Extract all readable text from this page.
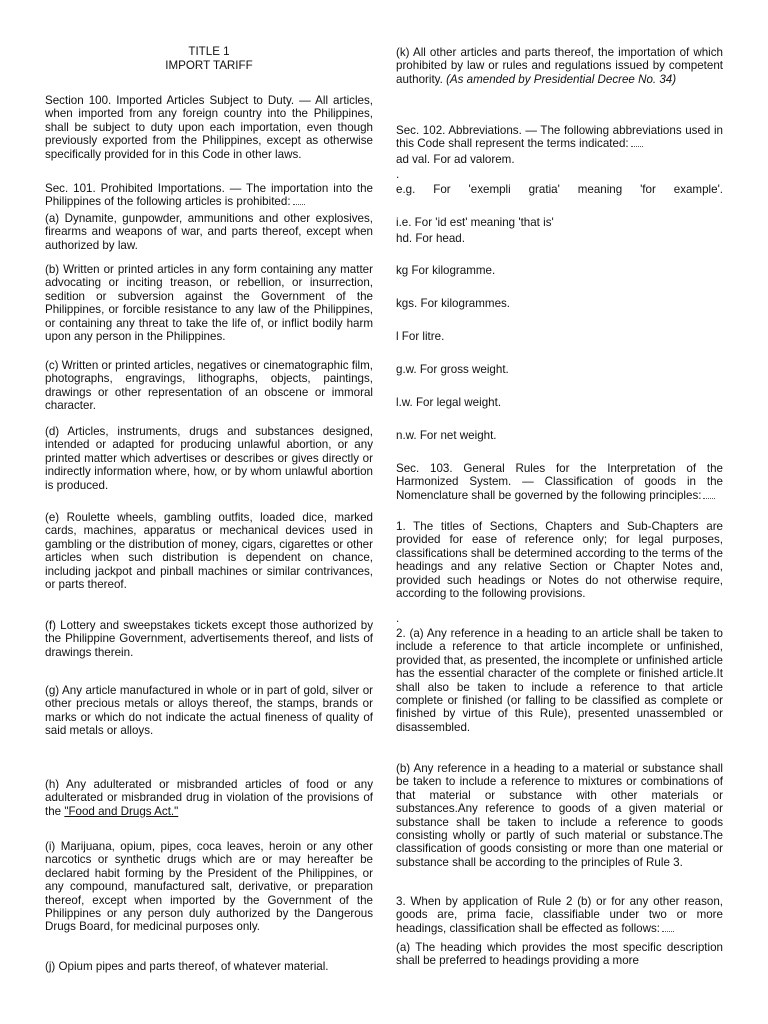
TITLE 1

IMPORT TARIFF

Section 100. Imported Articles Subject to Duty. — All articles, when imported from any foreign country into the Philippines, shall be subject to duty upon each importation, even though previously exported from the Philippines, except as otherwise specifically provided for in this Code in other laws.

Sec. 101. Prohibited Importations. — The importation into the Philippines of the following articles is prohibited:

(a) Dynamite, gunpowder, ammunitions and other explosives, firearms and weapons of war, and parts thereof, except when authorized by law.

(b) Written or printed articles in any form containing any matter advocating or inciting treason, or rebellion, or insurrection, sedition or subversion against the Government of the Philippines, or forcible resistance to any law of the Philippines, or containing any threat to take the life of, or inflict bodily harm upon any person in the Philippines.

(c) Written or printed articles, negatives or cinematographic film, photographs, engravings, lithographs, objects, paintings, drawings or other representation of an obscene or immoral character.

(d) Articles, instruments, drugs and substances designed, intended or adapted for producing unlawful abortion, or any printed matter which advertises or describes or gives directly or indirectly information where, how, or by whom unlawful abortion is produced.

(e) Roulette wheels, gambling outfits, loaded dice, marked cards, machines, apparatus or mechanical devices used in gambling or the distribution of money, cigars, cigarettes or other articles when such distribution is dependent on chance, including jackpot and pinball machines or similar contrivances, or parts thereof.

(f) Lottery and sweepstakes tickets except those authorized by the Philippine Government, advertisements thereof, and lists of drawings therein.

(g) Any article manufactured in whole or in part of gold, silver or other precious metals or alloys thereof, the stamps, brands or marks or which do not indicate the actual fineness of quality of said metals or alloys.

(h) Any adulterated or misbranded articles of food or any adulterated or misbranded drug in violation of the provisions of the "Food and Drugs Act."

(i) Marijuana, opium, pipes, coca leaves, heroin or any other narcotics or synthetic drugs which are or may hereafter be declared habit forming by the President of the Philippines, or any compound, manufactured salt, derivative, or preparation thereof, except when imported by the Government of the Philippines or any person duly authorized by the Dangerous Drugs Board, for medicinal purposes only.

(j) Opium pipes and parts thereof, of whatever material.

(k) All other articles and parts thereof, the importation of which prohibited by law or rules and regulations issued by competent authority. (As amended by Presidential Decree No. 34)

Sec. 102. Abbreviations. — The following abbreviations used in this Code shall represent the terms indicated:

ad val. For ad valorem.

.

e.g. For 'exempli gratia' meaning 'for example'.

i.e. For 'id est' meaning 'that is'

hd. For head.

kg For kilogramme.

kgs. For kilogrammes.

l For litre.

g.w. For gross weight.

l.w. For legal weight.

n.w. For net weight.

Sec. 103. General Rules for the Interpretation of the Harmonized System. — Classification of goods in the Nomenclature shall be governed by the following principles:

1. The titles of Sections, Chapters and Sub-Chapters are provided for ease of reference only; for legal purposes, classifications shall be determined according to the terms of the headings and any relative Section or Chapter Notes and, provided such headings or Notes do not otherwise require, according to the following provisions.

.

2. (a) Any reference in a heading to an article shall be taken to include a reference to that article incomplete or unfinished, provided that, as presented, the incomplete or unfinished article has the essential character of the complete or finished article.It shall also be taken to include a reference to that article complete or finished (or falling to be classified as complete or finished by virtue of this Rule), presented unassembled or disassembled.

(b) Any reference in a heading to a material or substance shall be taken to include a reference to mixtures or combinations of that material or substance with other materials or substances.Any reference to goods of a given material or substance shall be taken to include a reference to goods consisting wholly or partly of such material or substance.The classification of goods consisting or more than one material or substance shall be according to the principles of Rule 3.

3. When by application of Rule 2 (b) or for any other reason, goods are, prima facie, classifiable under two or more headings, classification shall be effected as follows:

(a) The heading which provides the most specific description shall be preferred to headings providing a more
